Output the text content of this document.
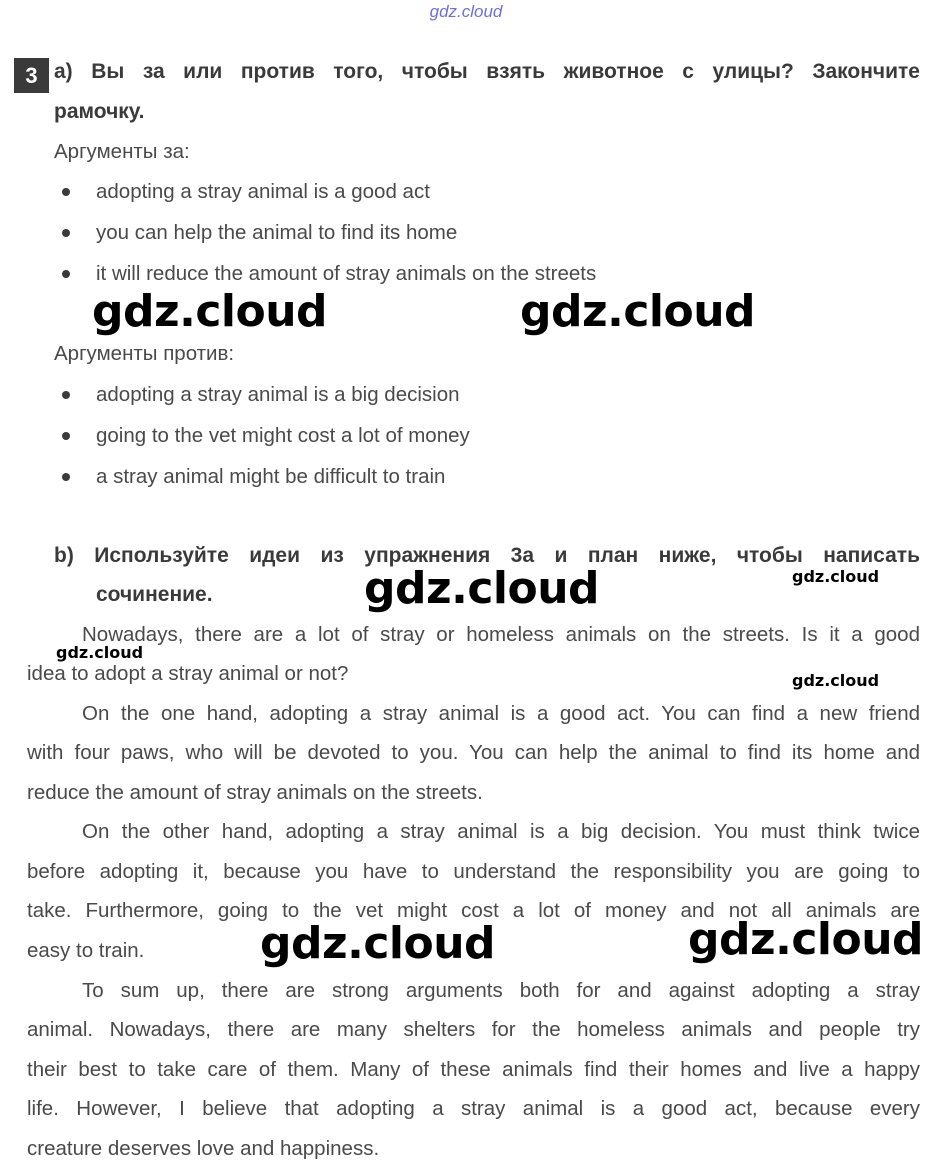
gdz.cloud
3 a) Вы за или против того, чтобы взять животное с улицы? Закончите
рамочку.
Аргументы за:
adopting a stray animal is a good act
you can help the animal to find its home
it will reduce the amount of stray animals on the streets
Аргументы против:
adopting a stray animal is a big decision
going to the vet might cost a lot of money
a stray animal might be difficult to train
b) Используйте идеи из упражнения 3a и план ниже, чтобы написать
сочинение.
Nowadays, there are a lot of stray or homeless animals on the streets. Is it a good
idea to adopt a stray animal or not?
On the one hand, adopting a stray animal is a good act. You can find a new friend
with four paws, who will be devoted to you. You can help the animal to find its home and
reduce the amount of stray animals on the streets.
On the other hand, adopting a stray animal is a big decision. You must think twice
before adopting it, because you have to understand the responsibility you are going to
take. Furthermore, going to the vet might cost a lot of money and not all animals are
easy to train.
To sum up, there are strong arguments both for and against adopting a stray
animal. Nowadays, there are many shelters for the homeless animals and people try
their best to take care of them. Many of these animals find their homes and live a happy
life. However, I believe that adopting a stray animal is a good act, because every
creature deserves love and happiness.
gdz.cloud	gdz.cloud
gdz.cloud
gdz.cloud	gdz.cloud
gdz.cloud
gdz.cloud
gdz.cloud
